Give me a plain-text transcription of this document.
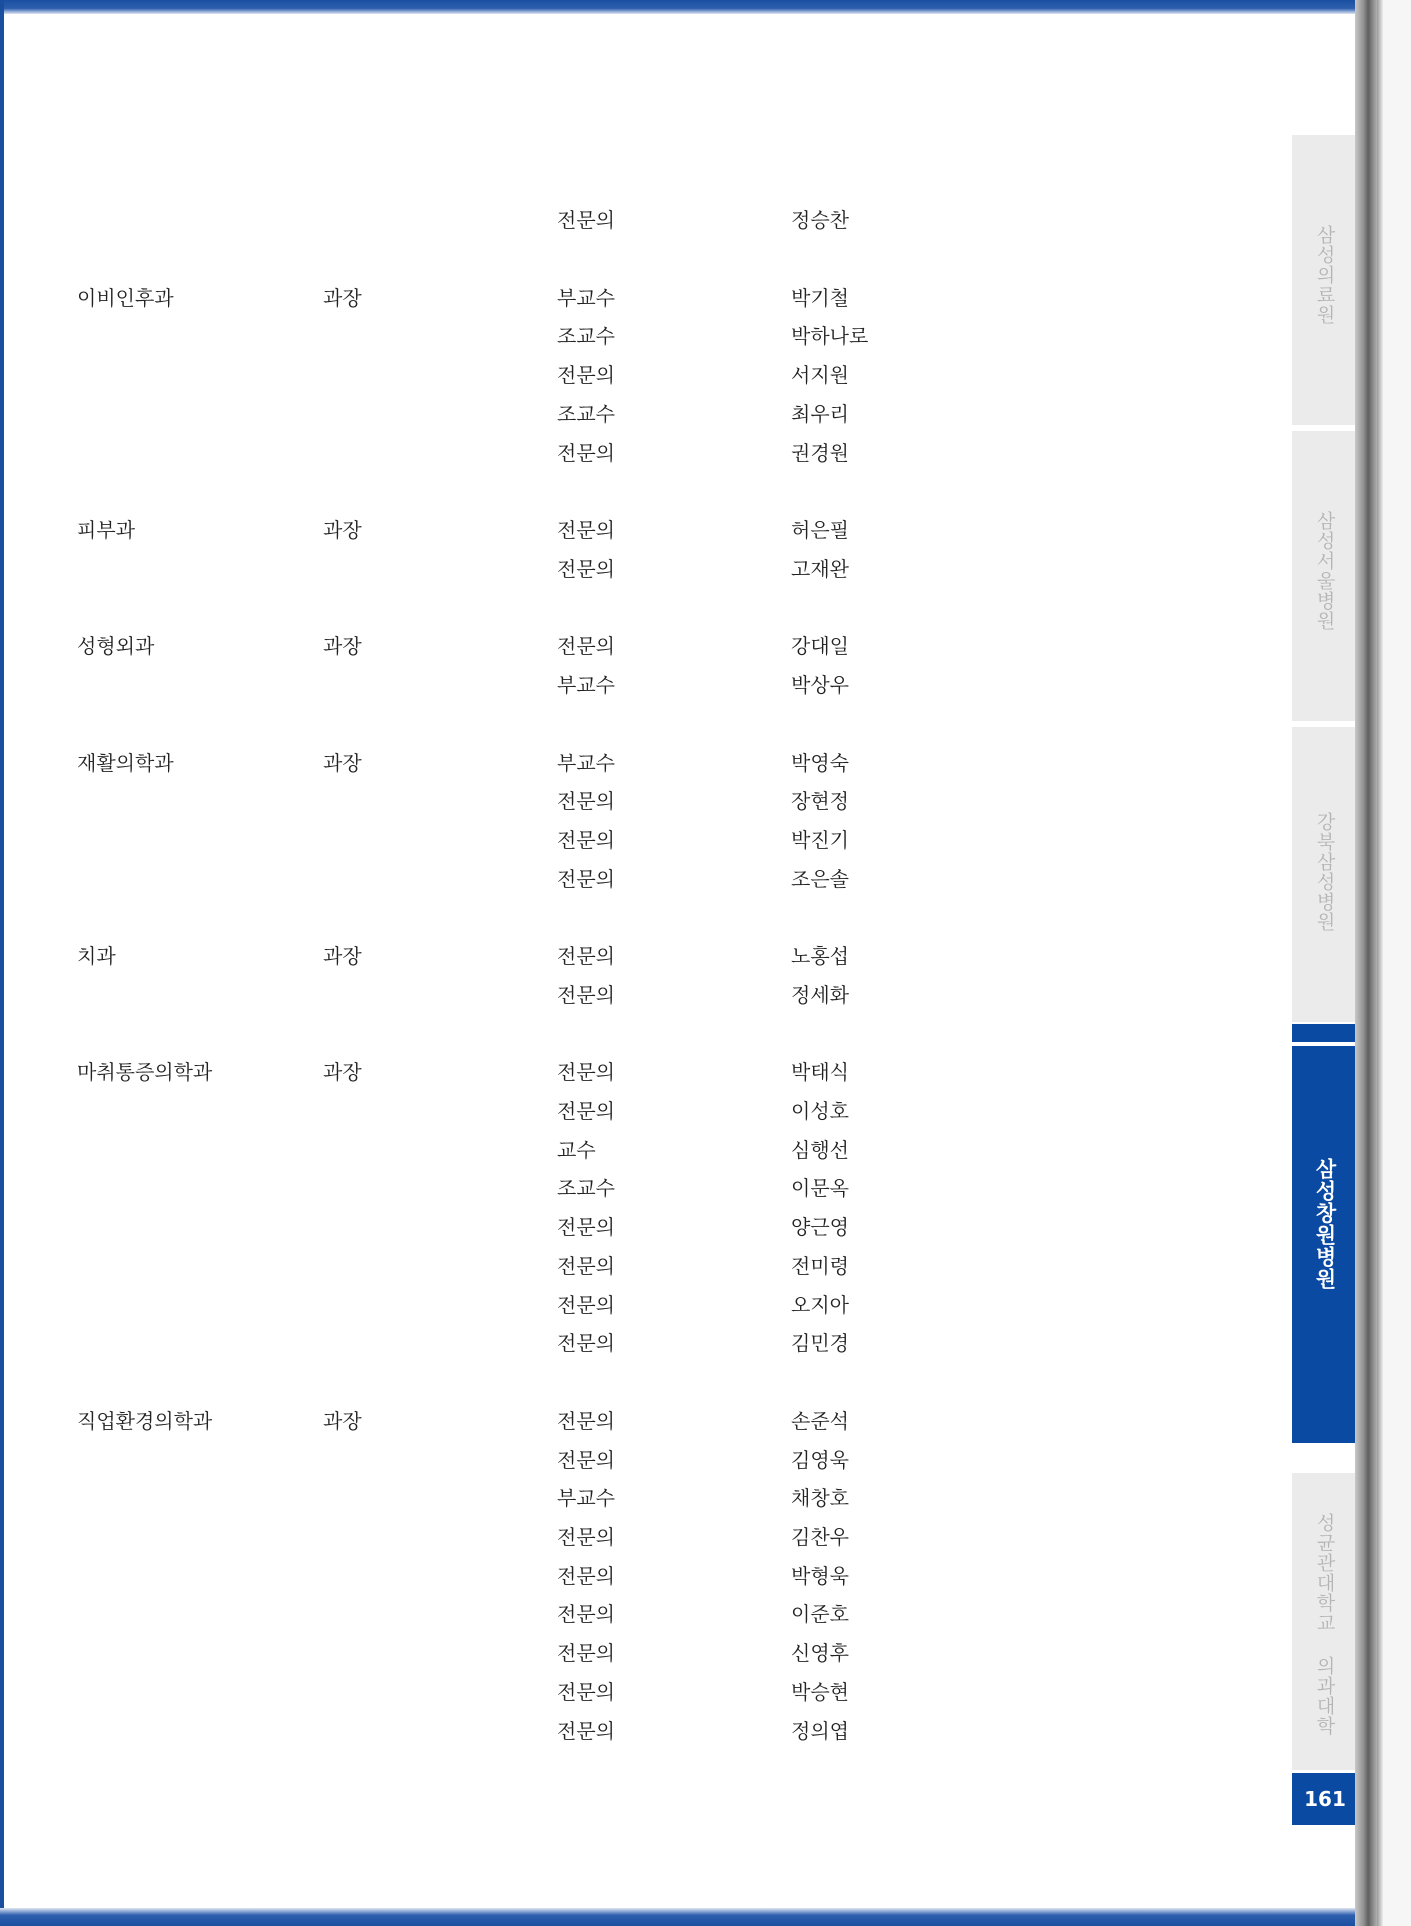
전문의	정승찬
이비인후과	과장	부교수	박기철
조교수	박하나로
전문의	서지원
조교수	최우리
전문의	권경원
피부과	과장	전문의	허은필
전문의	고재완
성형외과	과장	전문의	강대일
부교수	박상우
재활의학과	과장	부교수	박영숙
전문의	장현정
전문의	박진기
전문의	조은솔
치과	과장	전문의	노홍섭
전문의	정세화
마취통증의학과	과장	전문의	박태식
전문의	이성호
교수	심행선
조교수	이문옥
전문의	양근영
전문의	전미령
전문의	오지아
전문의	김민경
직업환경의학과	과장	전문의	손준석
전문의	김영욱
부교수	채창호
전문의	김찬우
전문의	박형욱
전문의	이준호
전문의	신영후
전문의	박승현
전문의	정의엽
삼성의료원
삼성서울병원
강북삼성병원
삼성창원병원
성균관대학교 의과대학
161
